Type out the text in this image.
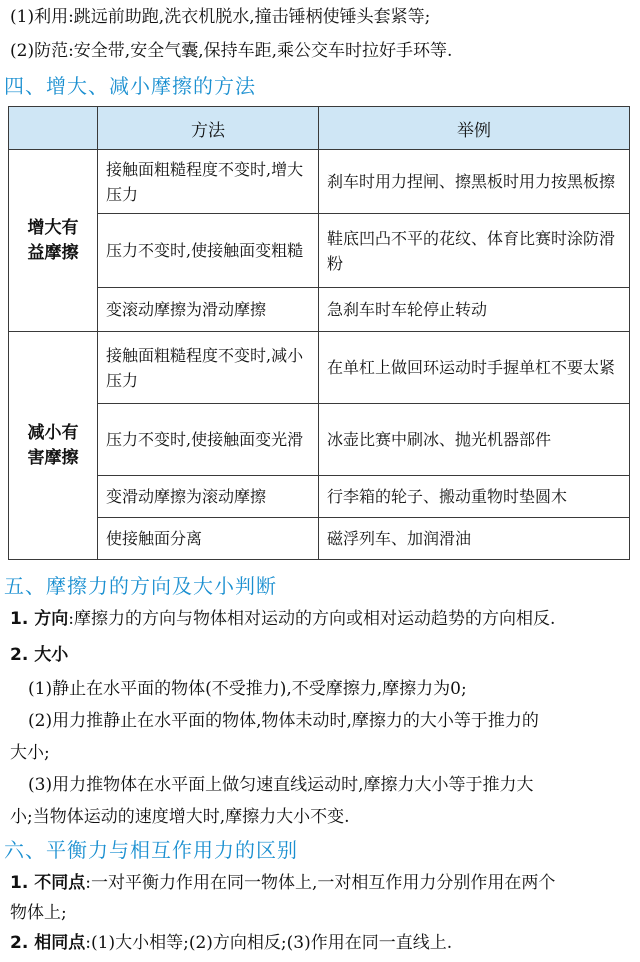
(1)利用:跳远前助跑,洗衣机脱水,撞击锤柄使锤头套紧等;
(2)防范:安全带,安全气囊,保持车距,乘公交车时拉好手环等.
四、增大、减小摩擦的方法
	方法	举例
增大有
益摩擦	接触面粗糙程度不变时,增大压力	刹车时用力捏闸、擦黑板时用力按黑板擦
	压力不变时,使接触面变粗糙	鞋底凹凸不平的花纹、体育比赛时涂防滑粉
	变滚动摩擦为滑动摩擦	急刹车时车轮停止转动
减小有
害摩擦	接触面粗糙程度不变时,减小压力	在单杠上做回环运动时手握单杠不要太紧
	压力不变时,使接触面变光滑	冰壶比赛中刷冰、抛光机器部件
	变滑动摩擦为滚动摩擦	行李箱的轮子、搬动重物时垫圆木
	使接触面分离	磁浮列车、加润滑油
五、摩擦力的方向及大小判断
1. 方向:摩擦力的方向与物体相对运动的方向或相对运动趋势的方向相反.
2. 大小
(1)静止在水平面的物体(不受推力),不受摩擦力,摩擦力为0;
(2)用力推静止在水平面的物体,物体未动时,摩擦力的大小等于推力的
大小;
(3)用力推物体在水平面上做匀速直线运动时,摩擦力大小等于推力大
小;当物体运动的速度增大时,摩擦力大小不变.
六、平衡力与相互作用力的区别
1. 不同点:一对平衡力作用在同一物体上,一对相互作用力分别作用在两个
物体上;
2. 相同点:(1)大小相等;(2)方向相反;(3)作用在同一直线上.
